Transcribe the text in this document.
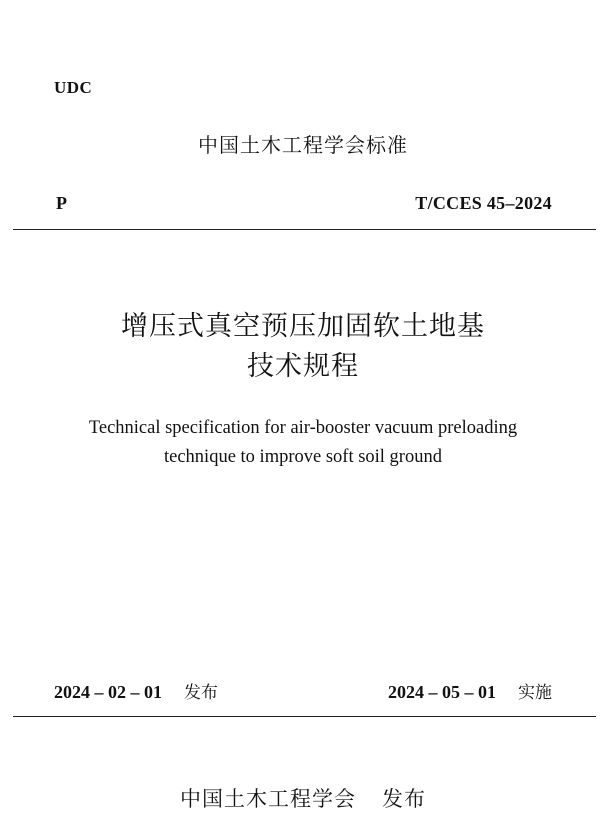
UDC
中国土木工程学会标准
P	T/CCES 45–2024
增压式真空预压加固软土地基
技术规程
Technical specification for air-booster vacuum preloading
technique to improve soft soil ground
2024 – 02 – 01 发布	2024 – 05 – 01 实施
中国土木工程学会 发布
